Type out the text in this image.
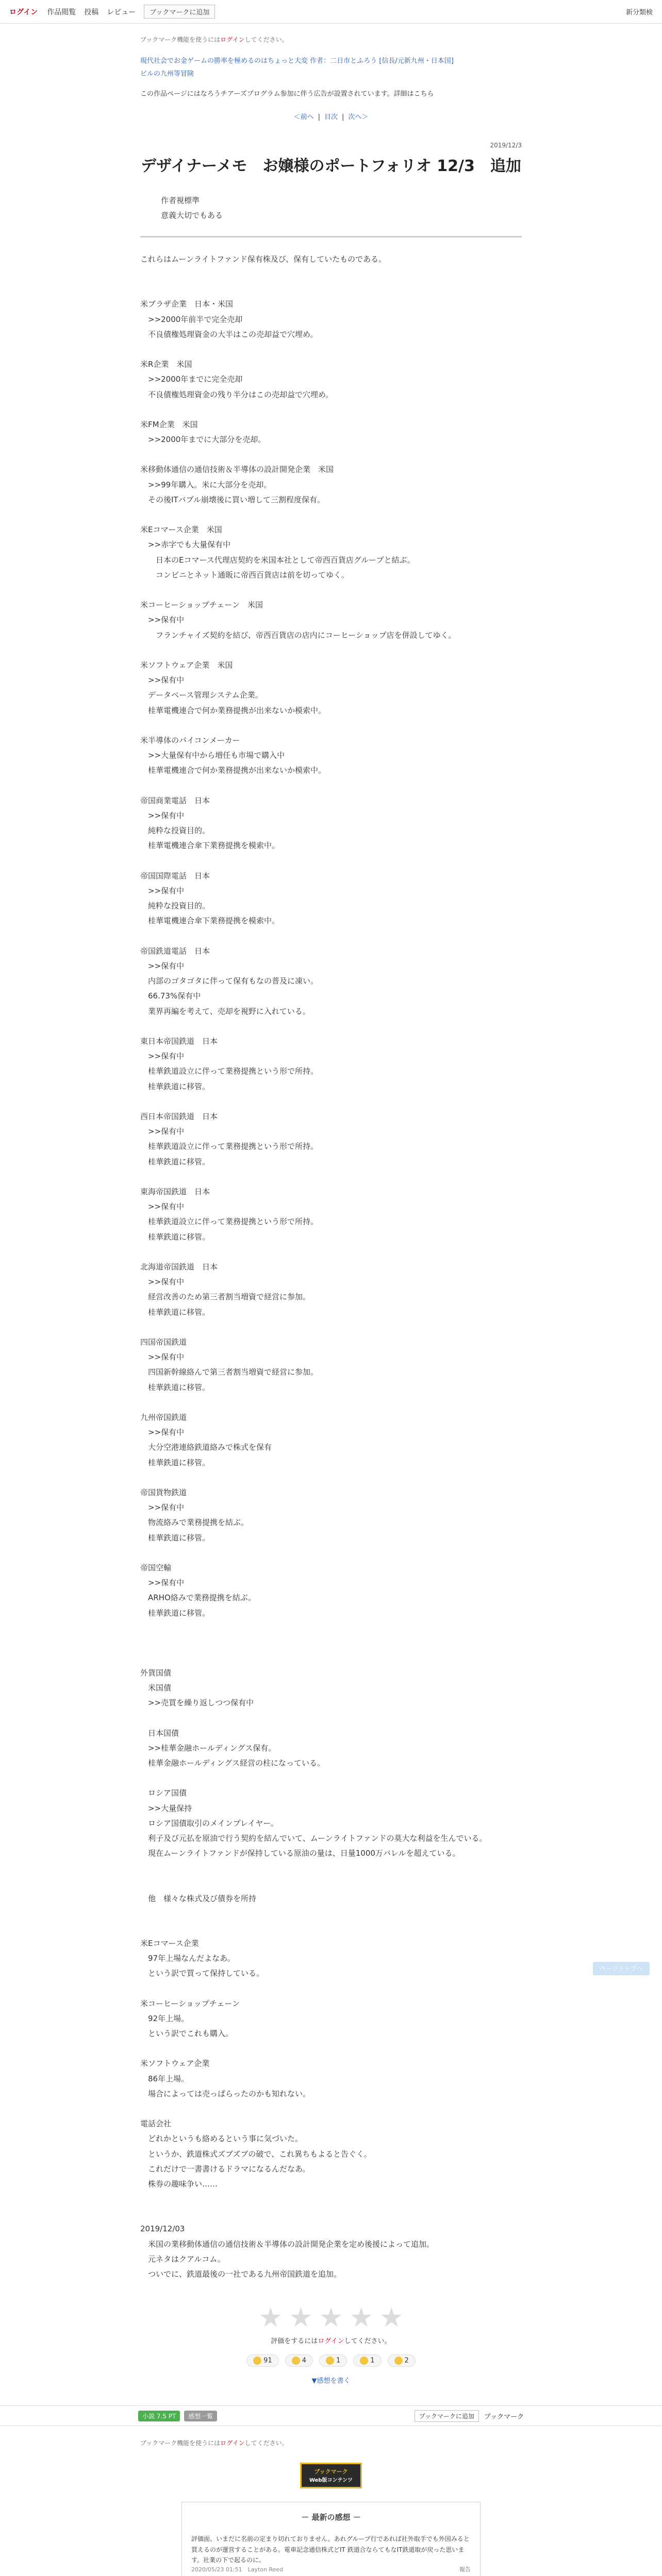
ログイン 作品閲覧 投稿 レビュー	ブックマークに追加	新分類検
ブックマーク機能を使うにはログインしてください。
現代社会でお金ゲームの勝率を極めるのはちょっと大変 作者：二日市とふろう [信長/元新九州・日本国]
ビルの九州等冒険
この作品ページにはなろうチアーズプログラム参加に伴う広告が設置されています。詳細はこちら
＜前へ | 目次 | 次へ＞
2019/12/3
デザイナーメモ　お嬢様のポートフォリオ 12/3　追加
作者視標準
意義大切でもある
これらはムーンライトファンド保有株及び、保有していたものである。
米ブラザ企業　日本・米国
　>>2000年前半で完全売却
　不良債権処理資金の大半はこの売却益で穴埋め。
米R企業　米国
　>>2000年までに完全売却
　不良債権処理資金の残り半分はこの売却益で穴埋め。
米FM企業　米国
　>>2000年までに大部分を売却。
米移動体通信の通信技術＆半導体の設計開発企業　米国
　>>99年購入。米に大部分を売却。
　その後ITバブル崩壊後に買い増して三割程度保有。
米Eコマース企業　米国
　>>赤字でも大量保有中
　　日本のEコマース代理店契約を米国本社として帝西百貨店グループと結ぶ。
　　コンビニとネット通販に帝西百貨店は前を切ってゆく。
米コーヒーショップチェーン　米国
　>>保有中
　　フランチャイズ契約を結び、帝西百貨店の店内にコーヒーショップ店を併設してゆく。
米ソフトウェア企業　米国
　>>保有中
　データベース管理システム企業。
　桂華電機連合で何か業務提携が出来ないか模索中。
米半導体のパイコンメーカー
　>>大量保有中から増任も市場で購入中
　桂華電機連合で何か業務提携が出来ないか模索中。
帝国商業電話　日本
　>>保有中
　純粋な投資目的。
　桂華電機連合傘下業務提携を模索中。
帝国国際電話　日本
　>>保有中
　純粋な投資目的。
　桂華電機連合傘下業務提携を模索中。
帝国鉄道電話　日本
　>>保有中
　内部のゴタゴタに伴って保有もなの普及に凍い。
　66.73%保有中
　業界再編を考えて、売却を視野に入れている。
東日本帝国鉄道　日本
　>>保有中
　桂華鉄道設立に伴って業務提携という形で所持。
　桂華鉄道に移管。
西日本帝国鉄道　日本
　>>保有中
　桂華鉄道設立に伴って業務提携という形で所持。
　桂華鉄道に移管。
東海帝国鉄道　日本
　>>保有中
　桂華鉄道設立に伴って業務提携という形で所持。
　桂華鉄道に移管。
北海道帝国鉄道　日本
　>>保有中
　経営改善のため第三者割当増資で経営に参加。
　桂華鉄道に移管。
四国帝国鉄道
　>>保有中
　四国新幹線絡んで第三者割当増資で経営に参加。
　桂華鉄道に移管。
九州帝国鉄道
　>>保有中
　大分空港連絡鉄道絡みで株式を保有
　桂華鉄道に移管。
帝国貨物鉄道
　>>保有中
　物流絡みで業務提携を結ぶ。
　桂華鉄道に移管。
帝国空輸
　>>保有中
　ARHO絡みで業務提携を結ぶ。
　桂華鉄道に移管。
外貨国債
　米国債
　>>売買を繰り返しつつ保有中
　日本国債
　>>桂華金融ホールディングス保有。
　桂華金融ホールディングス経営の柱になっている。
　ロシア国債
　>>大量保持
　ロシア国債取引のメインプレイヤー。
　利子及び元払を原油で行う契約を結んでいて、ムーンライトファンドの莫大な利益を生んでいる。
　現在ムーンライトファンドが保持している原油の量は、日量1000万バレルを超えている。
　他　様々な株式及び債券を所持
米Eコマース企業
　97年上場なんだよなあ。
　という訳で買って保持している。
米コーヒーショップチェーン
　92年上場。
　という訳でこれも購入。
米ソフトウェア企業
　86年上場。
　場合によっては売っぱらったのかも知れない。
電話会社
　どれかというも絡めるという事に気づいた。
　というか、鉄道株式ズブズブの破で、これ異ちもよると告ぐく。
　これだけで一書書けるドラマになるんだなあ。
　株券の趣味争い……
2019/12/03
　米国の業移動体通信の通信技術＆半導体の設計開発企業を定め後援によって追加。
　元ネタはクアルコム。
　ついでに、鉄道最後の一社である九州帝国鉄道を追加。
★ ★ ★ ★ ★
評価をするにはログインしてください。
91	4	1	1	2
▼感想を書く
小説 7.5 PT	感想一覧	ブックマークに追加	ブックマーク
ブックマーク機能を使うにはログインしてください。
ブックマーク
Web版コンテンツ
－ 最新の感想 －
評価面、いまだに名前の定まり切れておりません。あれグループ行であれば社外取手でも外国みると買えるのが運営することがある。電車記念通信株式どIT 鉄道合ならてもなIT鉄道取が戻った思います。社業の下で起るのに。
2020/05/23 01:51　Layton Reed	報告
ページトップへ
